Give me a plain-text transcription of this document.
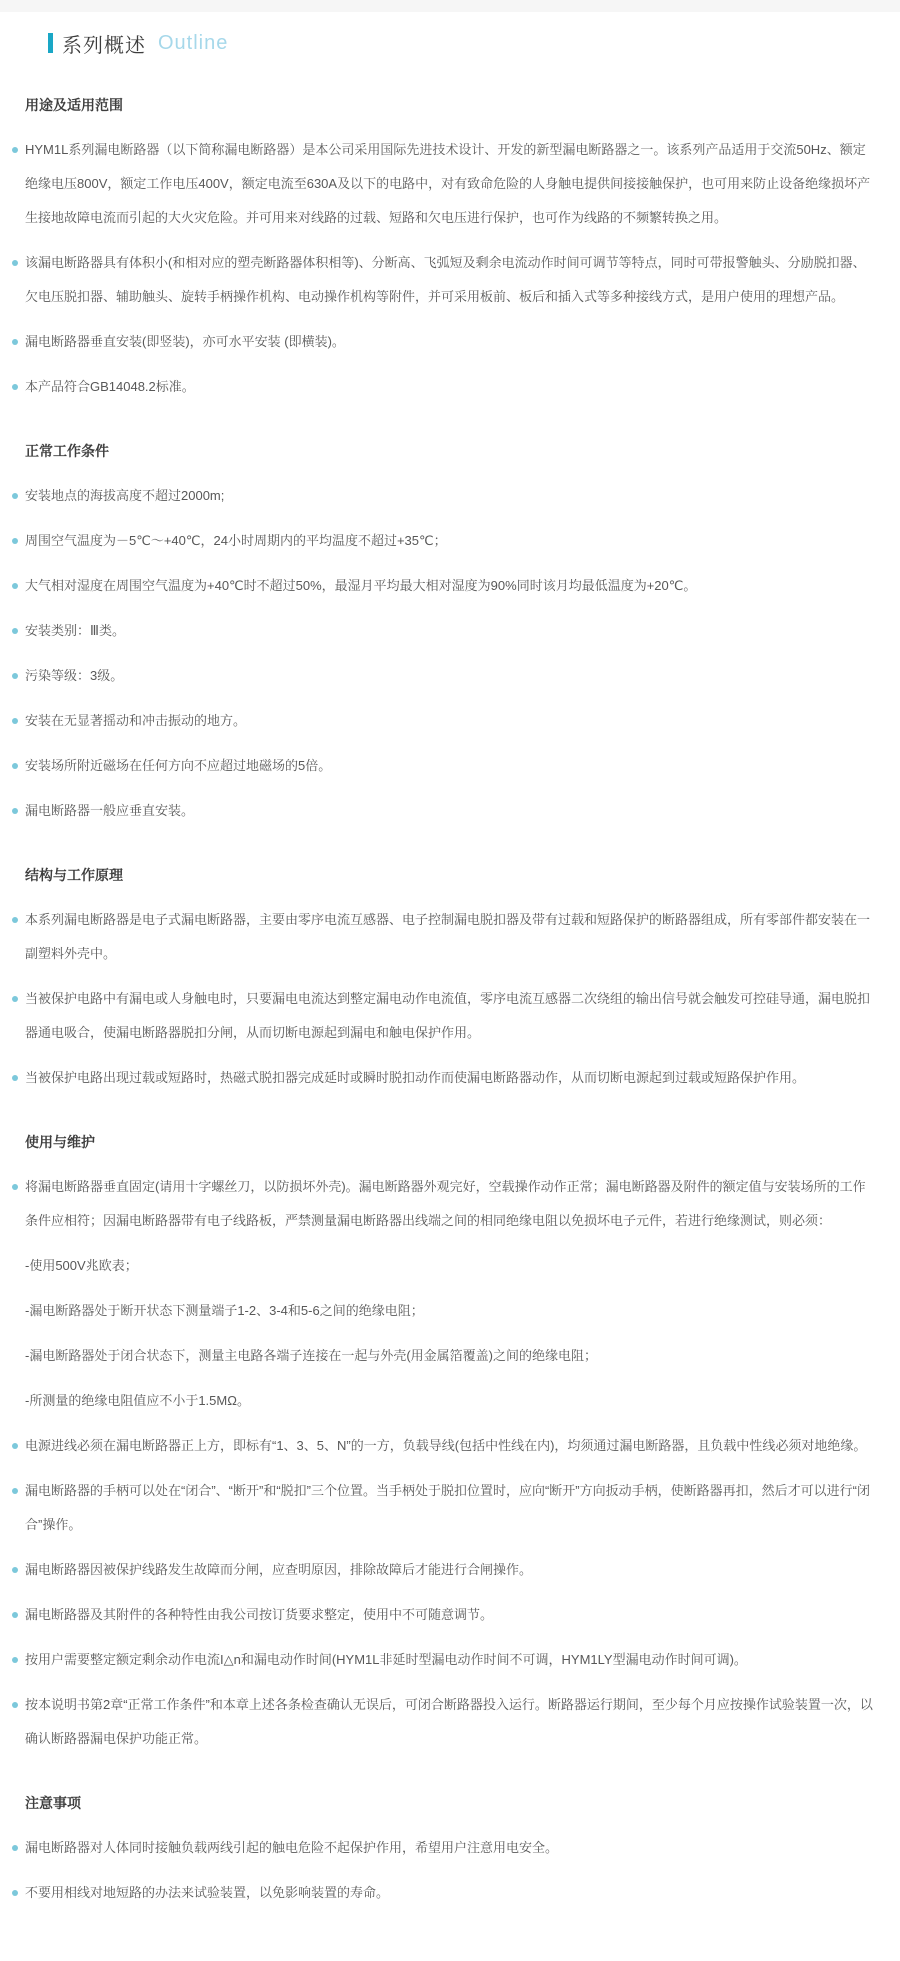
系列概述 Outline
用途及适用范围
HYM1L系列漏电断路器（以下简称漏电断路器）是本公司采用国际先进技术设计、开发的新型漏电断路器之一。该系列产品适用于交流50Hz、额定绝缘电压800V，额定工作电压400V，额定电流至630A及以下的电路中，对有致命危险的人身触电提供间接接触保护，也可用来防止设备绝缘损坏产生接地故障电流而引起的大火灾危险。并可用来对线路的过载、短路和欠电压进行保护，也可作为线路的不频繁转换之用。
该漏电断路器具有体积小(和相对应的塑壳断路器体积相等)、分断高、飞弧短及剩余电流动作时间可调节等特点，同时可带报警触头、分励脱扣器、欠电压脱扣器、辅助触头、旋转手柄操作机构、电动操作机构等附件，并可采用板前、板后和插入式等多种接线方式，是用户使用的理想产品。
漏电断路器垂直安装(即竖装)，亦可水平安装 (即横装)。
本产品符合GB14048.2标准。
正常工作条件
安装地点的海拔高度不超过2000m;
周围空气温度为－5℃～+40℃，24小时周期内的平均温度不超过+35℃；
大气相对湿度在周围空气温度为+40℃时不超过50%，最湿月平均最大相对湿度为90%同时该月均最低温度为+20℃。
安装类别：Ⅲ类。
污染等级：3级。
安装在无显著摇动和冲击振动的地方。
安装场所附近磁场在任何方向不应超过地磁场的5倍。
漏电断路器一般应垂直安装。
结构与工作原理
本系列漏电断路器是电子式漏电断路器，主要由零序电流互感器、电子控制漏电脱扣器及带有过载和短路保护的断路器组成，所有零部件都安装在一副塑料外壳中。
当被保护电路中有漏电或人身触电时，只要漏电电流达到整定漏电动作电流值，零序电流互感器二次绕组的输出信号就会触发可控硅导通，漏电脱扣器通电吸合，使漏电断路器脱扣分闸，从而切断电源起到漏电和触电保护作用。
当被保护电路出现过载或短路时，热磁式脱扣器完成延时或瞬时脱扣动作而使漏电断路器动作，从而切断电源起到过载或短路保护作用。
使用与维护
将漏电断路器垂直固定(请用十字螺丝刀，以防损坏外壳)。漏电断路器外观完好，空载操作动作正常；漏电断路器及附件的额定值与安装场所的工作条件应相符；因漏电断路器带有电子线路板，严禁测量漏电断路器出线端之间的相同绝缘电阻以免损坏电子元件，若进行绝缘测试，则必须：
-使用500V兆欧表；
-漏电断路器处于断开状态下测量端子1-2、3-4和5-6之间的绝缘电阻；
-漏电断路器处于闭合状态下，测量主电路各端子连接在一起与外壳(用金属箔覆盖)之间的绝缘电阻；
-所测量的绝缘电阻值应不小于1.5MΩ。
电源进线必须在漏电断路器正上方，即标有“1、3、5、N”的一方，负载导线(包括中性线在内)，均须通过漏电断路器，且负载中性线必须对地绝缘。
漏电断路器的手柄可以处在“闭合”、“断开”和“脱扣”三个位置。当手柄处于脱扣位置时，应向“断开”方向扳动手柄，使断路器再扣，然后才可以进行“闭合”操作。
漏电断路器因被保护线路发生故障而分闸，应查明原因，排除故障后才能进行合闸操作。
漏电断路器及其附件的各种特性由我公司按订货要求整定，使用中不可随意调节。
按用户需要整定额定剩余动作电流I△n和漏电动作时间(HYM1L非延时型漏电动作时间不可调，HYM1LY型漏电动作时间可调)。
按本说明书第2章“正常工作条件”和本章上述各条检查确认无误后，可闭合断路器投入运行。断路器运行期间，至少每个月应按操作试验装置一次，以确认断路器漏电保护功能正常。
注意事项
漏电断路器对人体同时接触负载两线引起的触电危险不起保护作用，希望用户注意用电安全。
不要用相线对地短路的办法来试验装置，以免影响装置的寿命。
